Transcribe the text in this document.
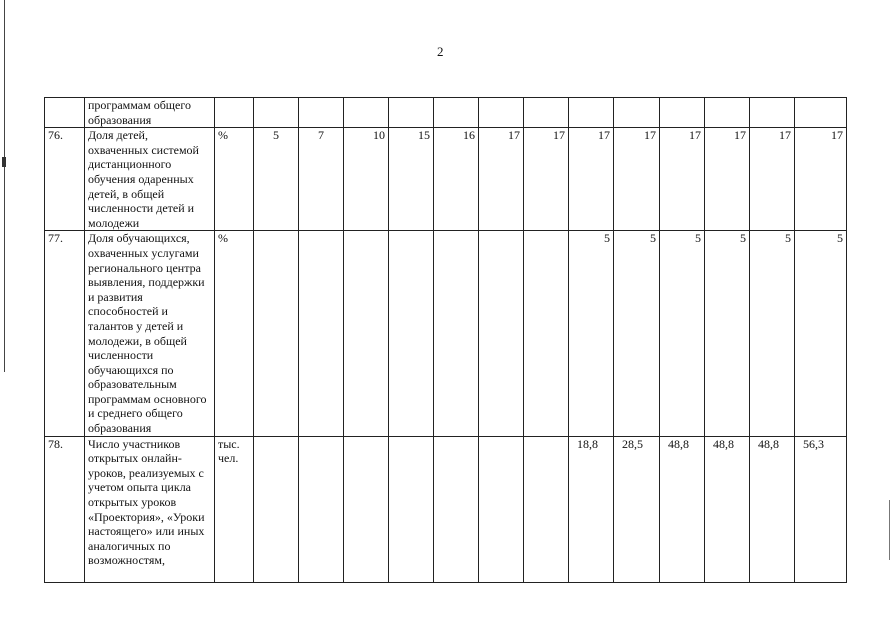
2
	программам общего образования														
76.	Доля детей, охваченных системой дистанционного обучения одаренных детей, в общей численности детей и молодежи	%	5	7	10	15	16	17	17	17	17	17	17	17	17
77.	Доля обучающихся, охваченных услугами регионального центра выявления, поддержки и развития способностей и талантов у детей и молодежи, в общей численности обучающихся по образовательным программам основного и среднего общего образования	%								5	5	5	5	5	5
78.	Число участников открытых онлайн-уроков, реализуемых с учетом опыта цикла открытых уроков «Проектория», «Уроки настоящего» или иных аналогичных по возможностям,	тыс. чел.								18,8	28,5	48,8	48,8	48,8	56,3
